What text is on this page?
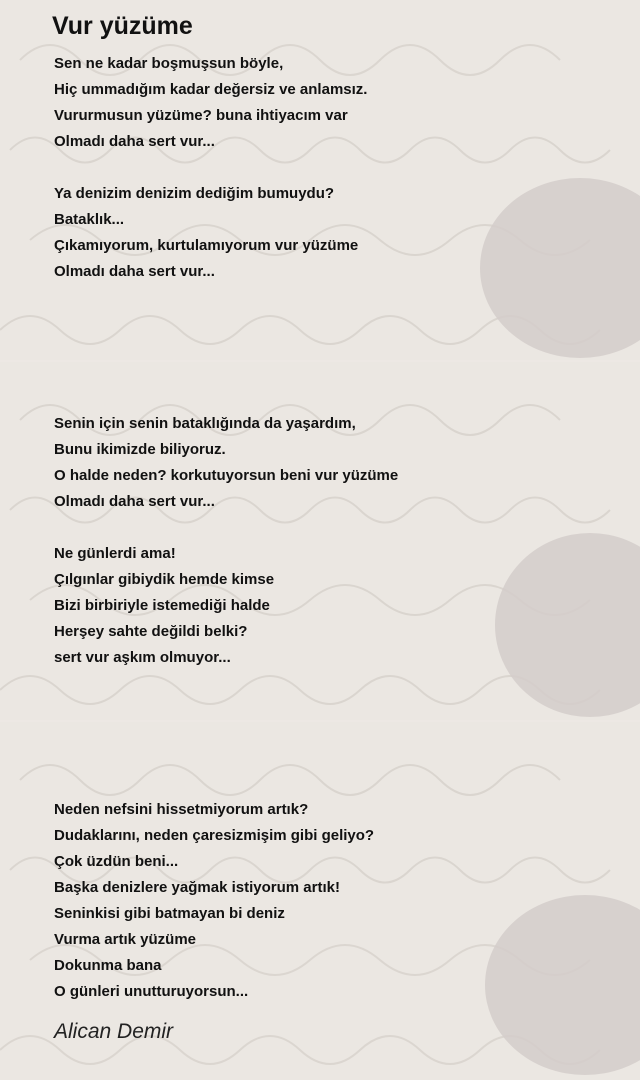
Vur yüzüme
Sen ne kadar boşmuşsun böyle,
Hiç ummadığım kadar değersiz ve anlamsız.
Vururmusun yüzüme? buna ihtiyacım var
Olmadı daha sert vur...
Ya denizim denizim dediğim bumuydu?
Bataklık...
Çıkamıyorum, kurtulamıyorum vur yüzüme
Olmadı daha sert vur...
Senin için senin bataklığında da yaşardım,
Bunu ikimizde biliyoruz.
O halde neden? korkutuyorsun beni vur yüzüme
Olmadı daha sert vur...
Ne günlerdi ama!
Çılgınlar gibiydik hemde kimse
Bizi birbiriyle istemediği halde
Herşey sahte değildi belki?
sert vur aşkım olmuyor...
Neden nefsini hissetmiyorum artık?
Dudaklarını, neden çaresizmişim gibi geliyo?
Çok üzdün beni...
Başka denizlere yağmak istiyorum artık!
Seninkisi gibi batmayan bi deniz
Vurma artık yüzüme
Dokunma bana
O günleri unutturuyorsun...
Alican Demir
